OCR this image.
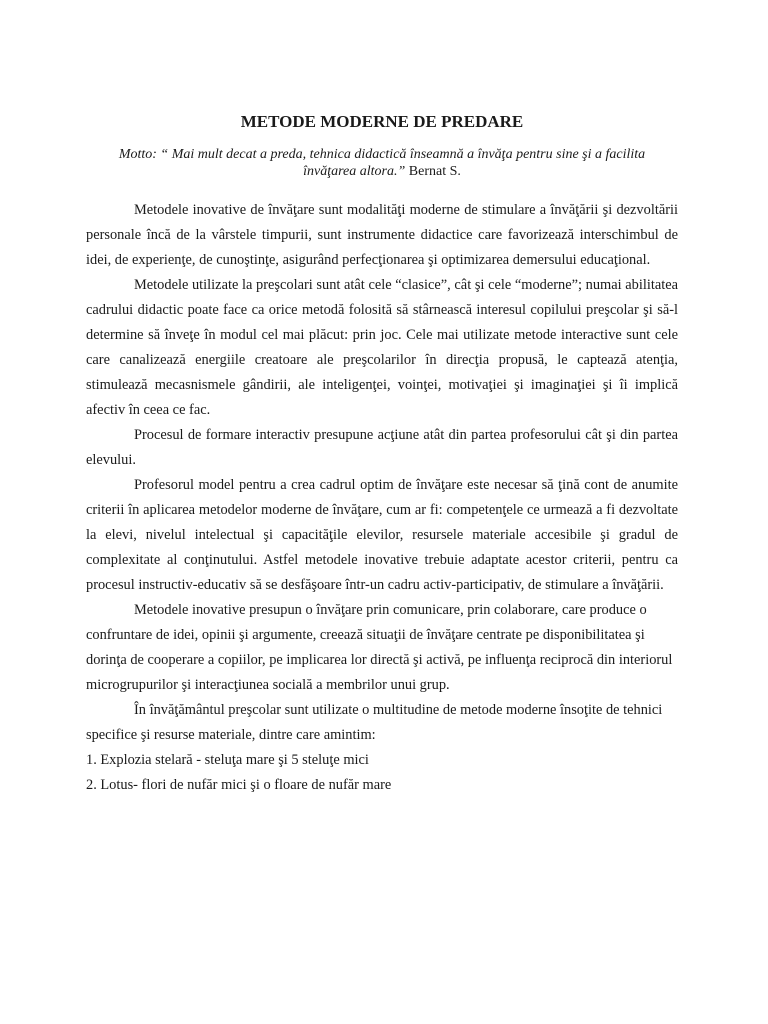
METODE MODERNE DE PREDARE

Motto: “ Mai mult decat a preda, tehnica didactică înseamnă a învăţa pentru sine şi a facilita învăţarea altora.” Bernat S.

Metodele inovative de învăţare sunt modalităţi moderne de stimulare a învăţării şi dezvoltării personale încă de la vârstele timpurii, sunt instrumente didactice care favorizează interschimbul de idei, de experienţe, de cunoştinţe, asigurând perfecţionarea şi optimizarea demersului educaţional.

Metodele utilizate la preşcolari sunt atât cele “clasice”, cât şi cele “moderne”; numai abilitatea cadrului didactic poate face ca orice metodă folosită să stârnească interesul copilului preşcolar şi să-l determine să înveţe în modul cel mai plăcut: prin joc. Cele mai utilizate metode interactive sunt cele care canalizează energiile creatoare ale preşcolarilor în direcţia propusă, le captează atenţia, stimulează mecasnismele gândirii, ale inteligenţei, voinţei, motivaţiei şi imaginaţiei şi îi implică afectiv în ceea ce fac.

Procesul de formare interactiv presupune acţiune atât din partea profesorului cât şi din partea elevului.

Profesorul model pentru a crea cadrul optim de învăţare este necesar să ţină cont de anumite criterii în aplicarea metodelor moderne de învăţare, cum ar fi: competenţele ce urmează a fi dezvoltate la elevi, nivelul intelectual şi capacităţile elevilor, resursele materiale accesibile şi gradul de complexitate al conţinutului. Astfel metodele inovative trebuie adaptate acestor criterii, pentru ca procesul instructiv-educativ să se desfăşoare într-un cadru activ-participativ, de stimulare a învăţării.

Metodele inovative presupun o învăţare prin comunicare, prin colaborare, care produce o confruntare de idei, opinii şi argumente, creează situaţii de învăţare centrate pe disponibilitatea şi dorinţa de cooperare a copiilor, pe implicarea lor directă şi activă, pe influenţa reciprocă din interiorul microgrupurilor şi interacţiunea socială a membrilor unui grup.

În învăţământul preşcolar sunt utilizate o multitudine de metode moderne însoţite de tehnici specifice şi resurse materiale, dintre care amintim:

1. Explozia stelară - steluţa mare şi 5 steluţe mici

2. Lotus- flori de nufăr mici şi o floare de nufăr mare
